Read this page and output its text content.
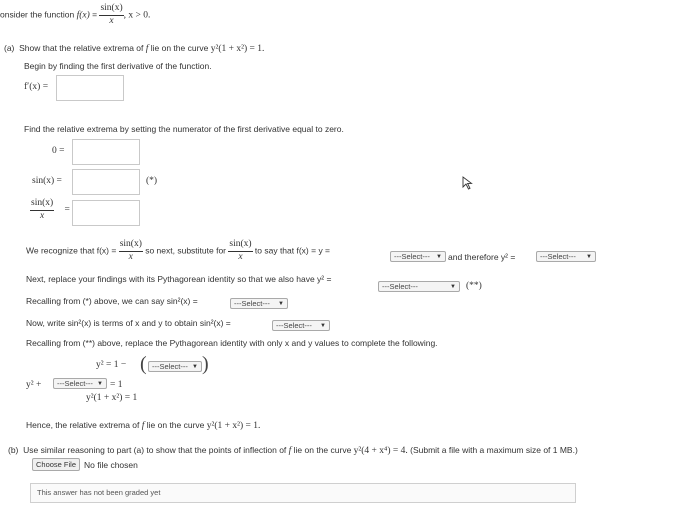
onsider the function $f(x) = \frac{\sin(x)}{x}$ , x > 0.
(a) Show that the relative extrema of f lie on the curve y²(1 + x²) = 1.
Begin by finding the first derivative of the function.
f′(x) =
Find the relative extrema by setting the numerator of the first derivative equal to zero.
0 =
sin(x) =	(*)
$\frac{\sin(x)}{x}$ =
We recognize that $f(x) = \frac{\sin(x)}{x}$ so next, substitute for $\frac{\sin(x)}{x}$ to say that f(x) = y =
---Select--- ▼ and therefore y² =	---Select--- ▼
Next, replace your findings with its Pythagorean identity so that we also have y² =
---Select---	▼ (**)
Recalling from (*) above, we can say sin²(x) =	---Select--- ▼
Now, write sin²(x) is terms of x and y to obtain sin²(x) =	---Select--- ▼
Recalling from (**) above, replace the Pythagorean identity with only x and y values to complete the following.
y² = 1 − ( ---Select--- ▼ )
y² + ---Select--- ▼ = 1
y²(1 + x²) = 1
Hence, the relative extrema of f lie on the curve y²(1 + x²) = 1.
(b) Use similar reasoning to part (a) to show that the points of inflection of f lie on the curve y²(4 + x⁴) = 4. (Submit a file with a maximum size of 1 MB.)
Choose File No file chosen
This answer has not been graded yet
